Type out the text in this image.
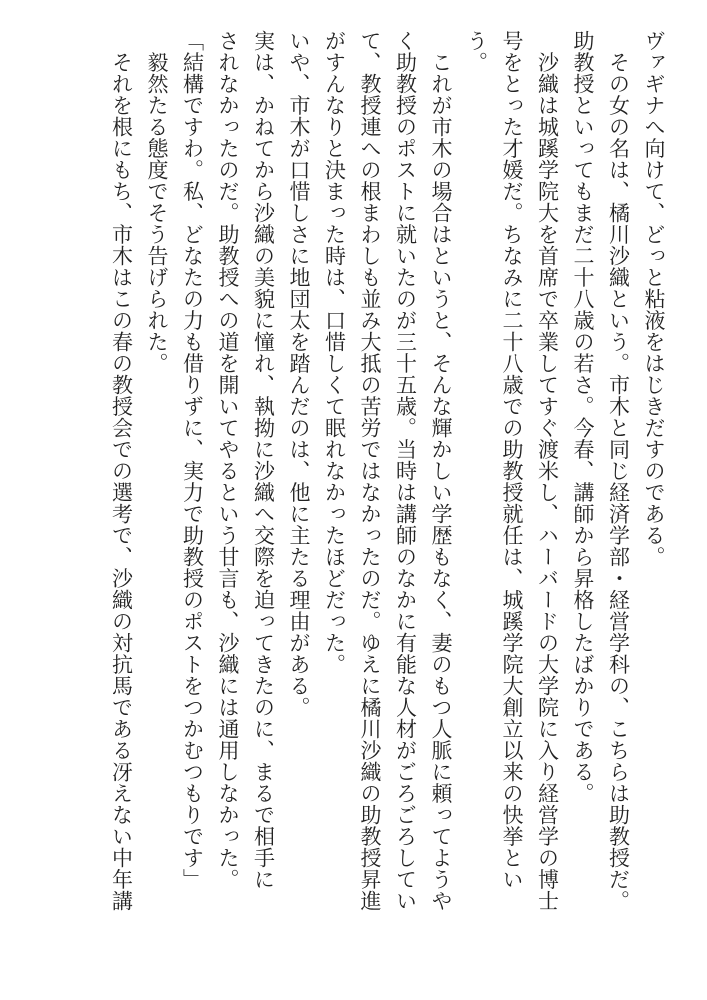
ヴァギナへ向けて、どっと粘液をはじきだすのである。
　その女の名は、橘川沙織という。市木と同じ経済学部・経営学科の、こちらは助教授だ。
助教授といってもまだ二十八歳の若さ。今春、講師から昇格したばかりである。
　沙織は城蹊学院大を首席で卒業してすぐ渡米し、ハーバードの大学院に入り経営学の博士
号をとった才媛だ。ちなみに二十八歳での助教授就任は、城蹊学院大創立以来の快挙とい
う。
　これが市木の場合はというと、そんな輝かしい学歴もなく、妻のもつ人脈に頼ってようや
く助教授のポストに就いたのが三十五歳。当時は講師のなかに有能な人材がごろごろしてい
て、教授連への根まわしも並み大抵の苦労ではなかったのだ。ゆえに橘川沙織の助教授昇進
がすんなりと決まった時は、口惜しくて眠れなかったほどだった。
いや、市木が口惜しさに地団太を踏んだのは、他に主たる理由がある。
実は、かねてから沙織の美貌に憧れ、執拗に沙織へ交際を迫ってきたのに、まるで相手に
されなかったのだ。助教授への道を開いてやるという甘言も、沙織には通用しなかった。
「結構ですわ。私、どなたの力も借りずに、実力で助教授のポストをつかむつもりです」
　毅然たる態度でそう告げられた。
　それを根にもち、市木はこの春の教授会での選考で、沙織の対抗馬である冴えない中年講
